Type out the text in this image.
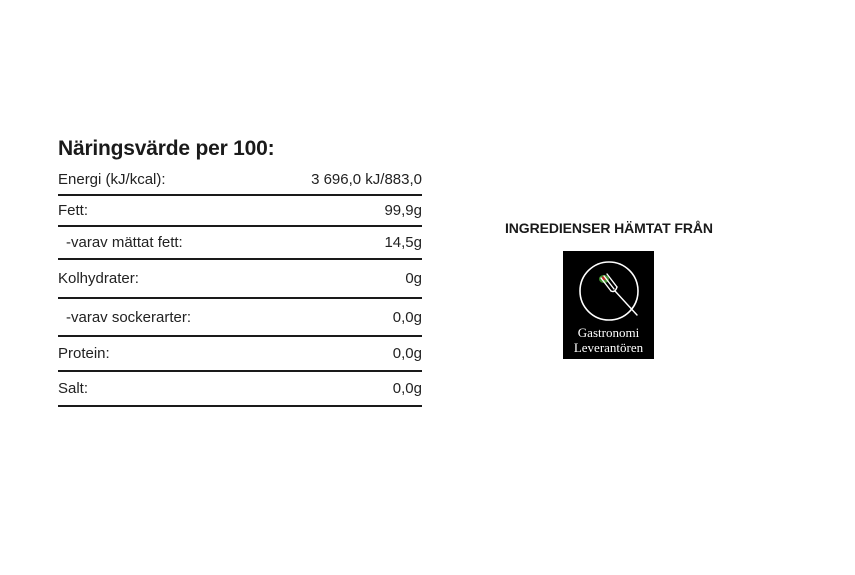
Näringsvärde per 100:
Energi (kJ/kcal):	3 696,0 kJ/883,0
Fett:	99,9g
-varav mättat fett:	14,5g
Kolhydrater:	0g
-varav sockerarter:	0,0g
Protein:	0,0g
Salt:	0,0g
INGREDIENSER HÄMTAT FRÅN
Gastronomi
Leverantören
